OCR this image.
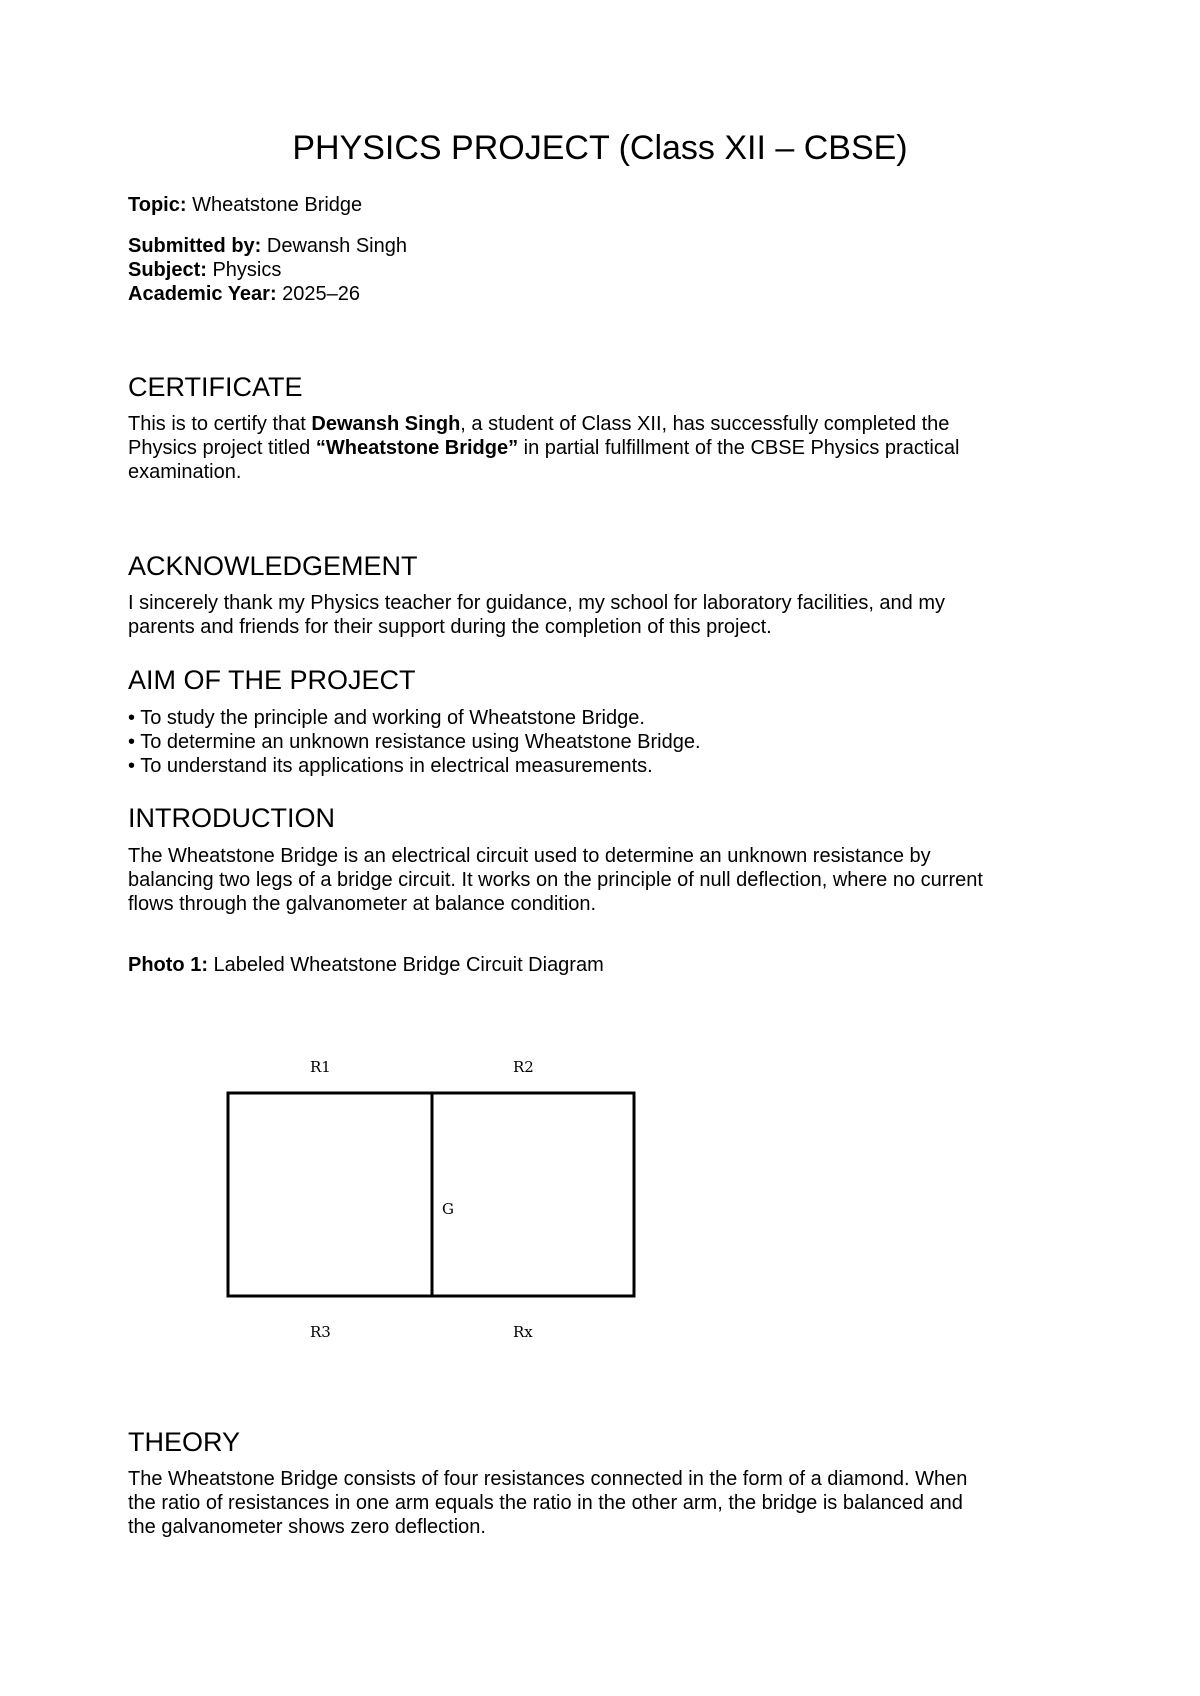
PHYSICS PROJECT (Class XII – CBSE)
Topic: Wheatstone Bridge
Submitted by: Dewansh Singh
Subject: Physics
Academic Year: 2025–26
CERTIFICATE
This is to certify that Dewansh Singh, a student of Class XII, has successfully completed the
Physics project titled “Wheatstone Bridge” in partial fulfillment of the CBSE Physics practical
examination.
ACKNOWLEDGEMENT
I sincerely thank my Physics teacher for guidance, my school for laboratory facilities, and my
parents and friends for their support during the completion of this project.
AIM OF THE PROJECT
• To study the principle and working of Wheatstone Bridge.
• To determine an unknown resistance using Wheatstone Bridge.
• To understand its applications in electrical measurements.
INTRODUCTION
The Wheatstone Bridge is an electrical circuit used to determine an unknown resistance by
balancing two legs of a bridge circuit. It works on the principle of null deflection, where no current
flows through the galvanometer at balance condition.
Photo 1: Labeled Wheatstone Bridge Circuit Diagram
R1	R2
G
R3	Rx
THEORY
The Wheatstone Bridge consists of four resistances connected in the form of a diamond. When
the ratio of resistances in one arm equals the ratio in the other arm, the bridge is balanced and
the galvanometer shows zero deflection.
